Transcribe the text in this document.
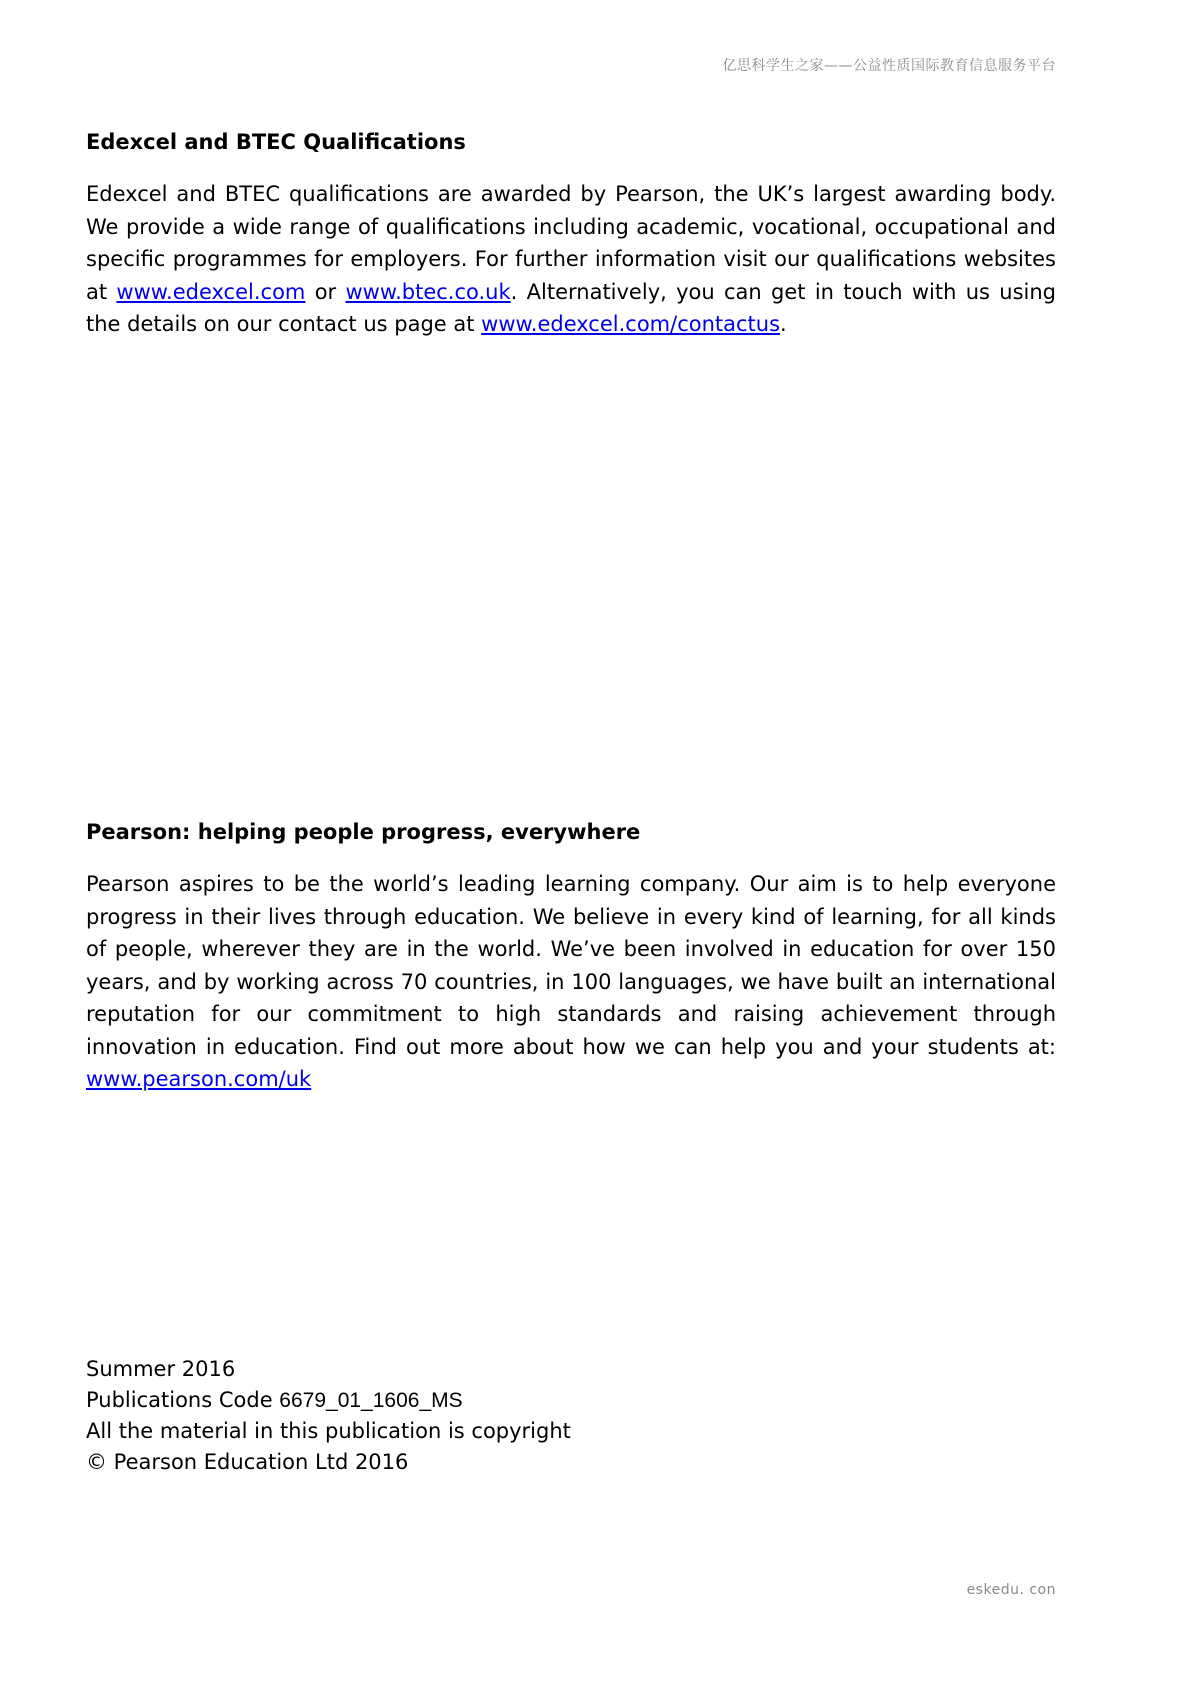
亿思科学生之家——公益性质国际教育信息服务平台
Edexcel and BTEC Qualifications

Edexcel and BTEC qualifications are awarded by Pearson, the UK’s largest awarding body. We provide a wide range of qualifications including academic, vocational, occupational and specific programmes for employers. For further information visit our qualifications websites at www.edexcel.com or www.btec.co.uk. Alternatively, you can get in touch with us using the details on our contact us page at www.edexcel.com/contactus.

Pearson: helping people progress, everywhere

Pearson aspires to be the world’s leading learning company. Our aim is to help everyone progress in their lives through education. We believe in every kind of learning, for all kinds of people, wherever they are in the world. We’ve been involved in education for over 150 years, and by working across 70 countries, in 100 languages, we have built an international reputation for our commitment to high standards and raising achievement through innovation in education. Find out more about how we can help you and your students at: www.pearson.com/uk

Summer 2016
Publications Code 6679_01_1606_MS
All the material in this publication is copyright
© Pearson Education Ltd 2016
eskedu. con
